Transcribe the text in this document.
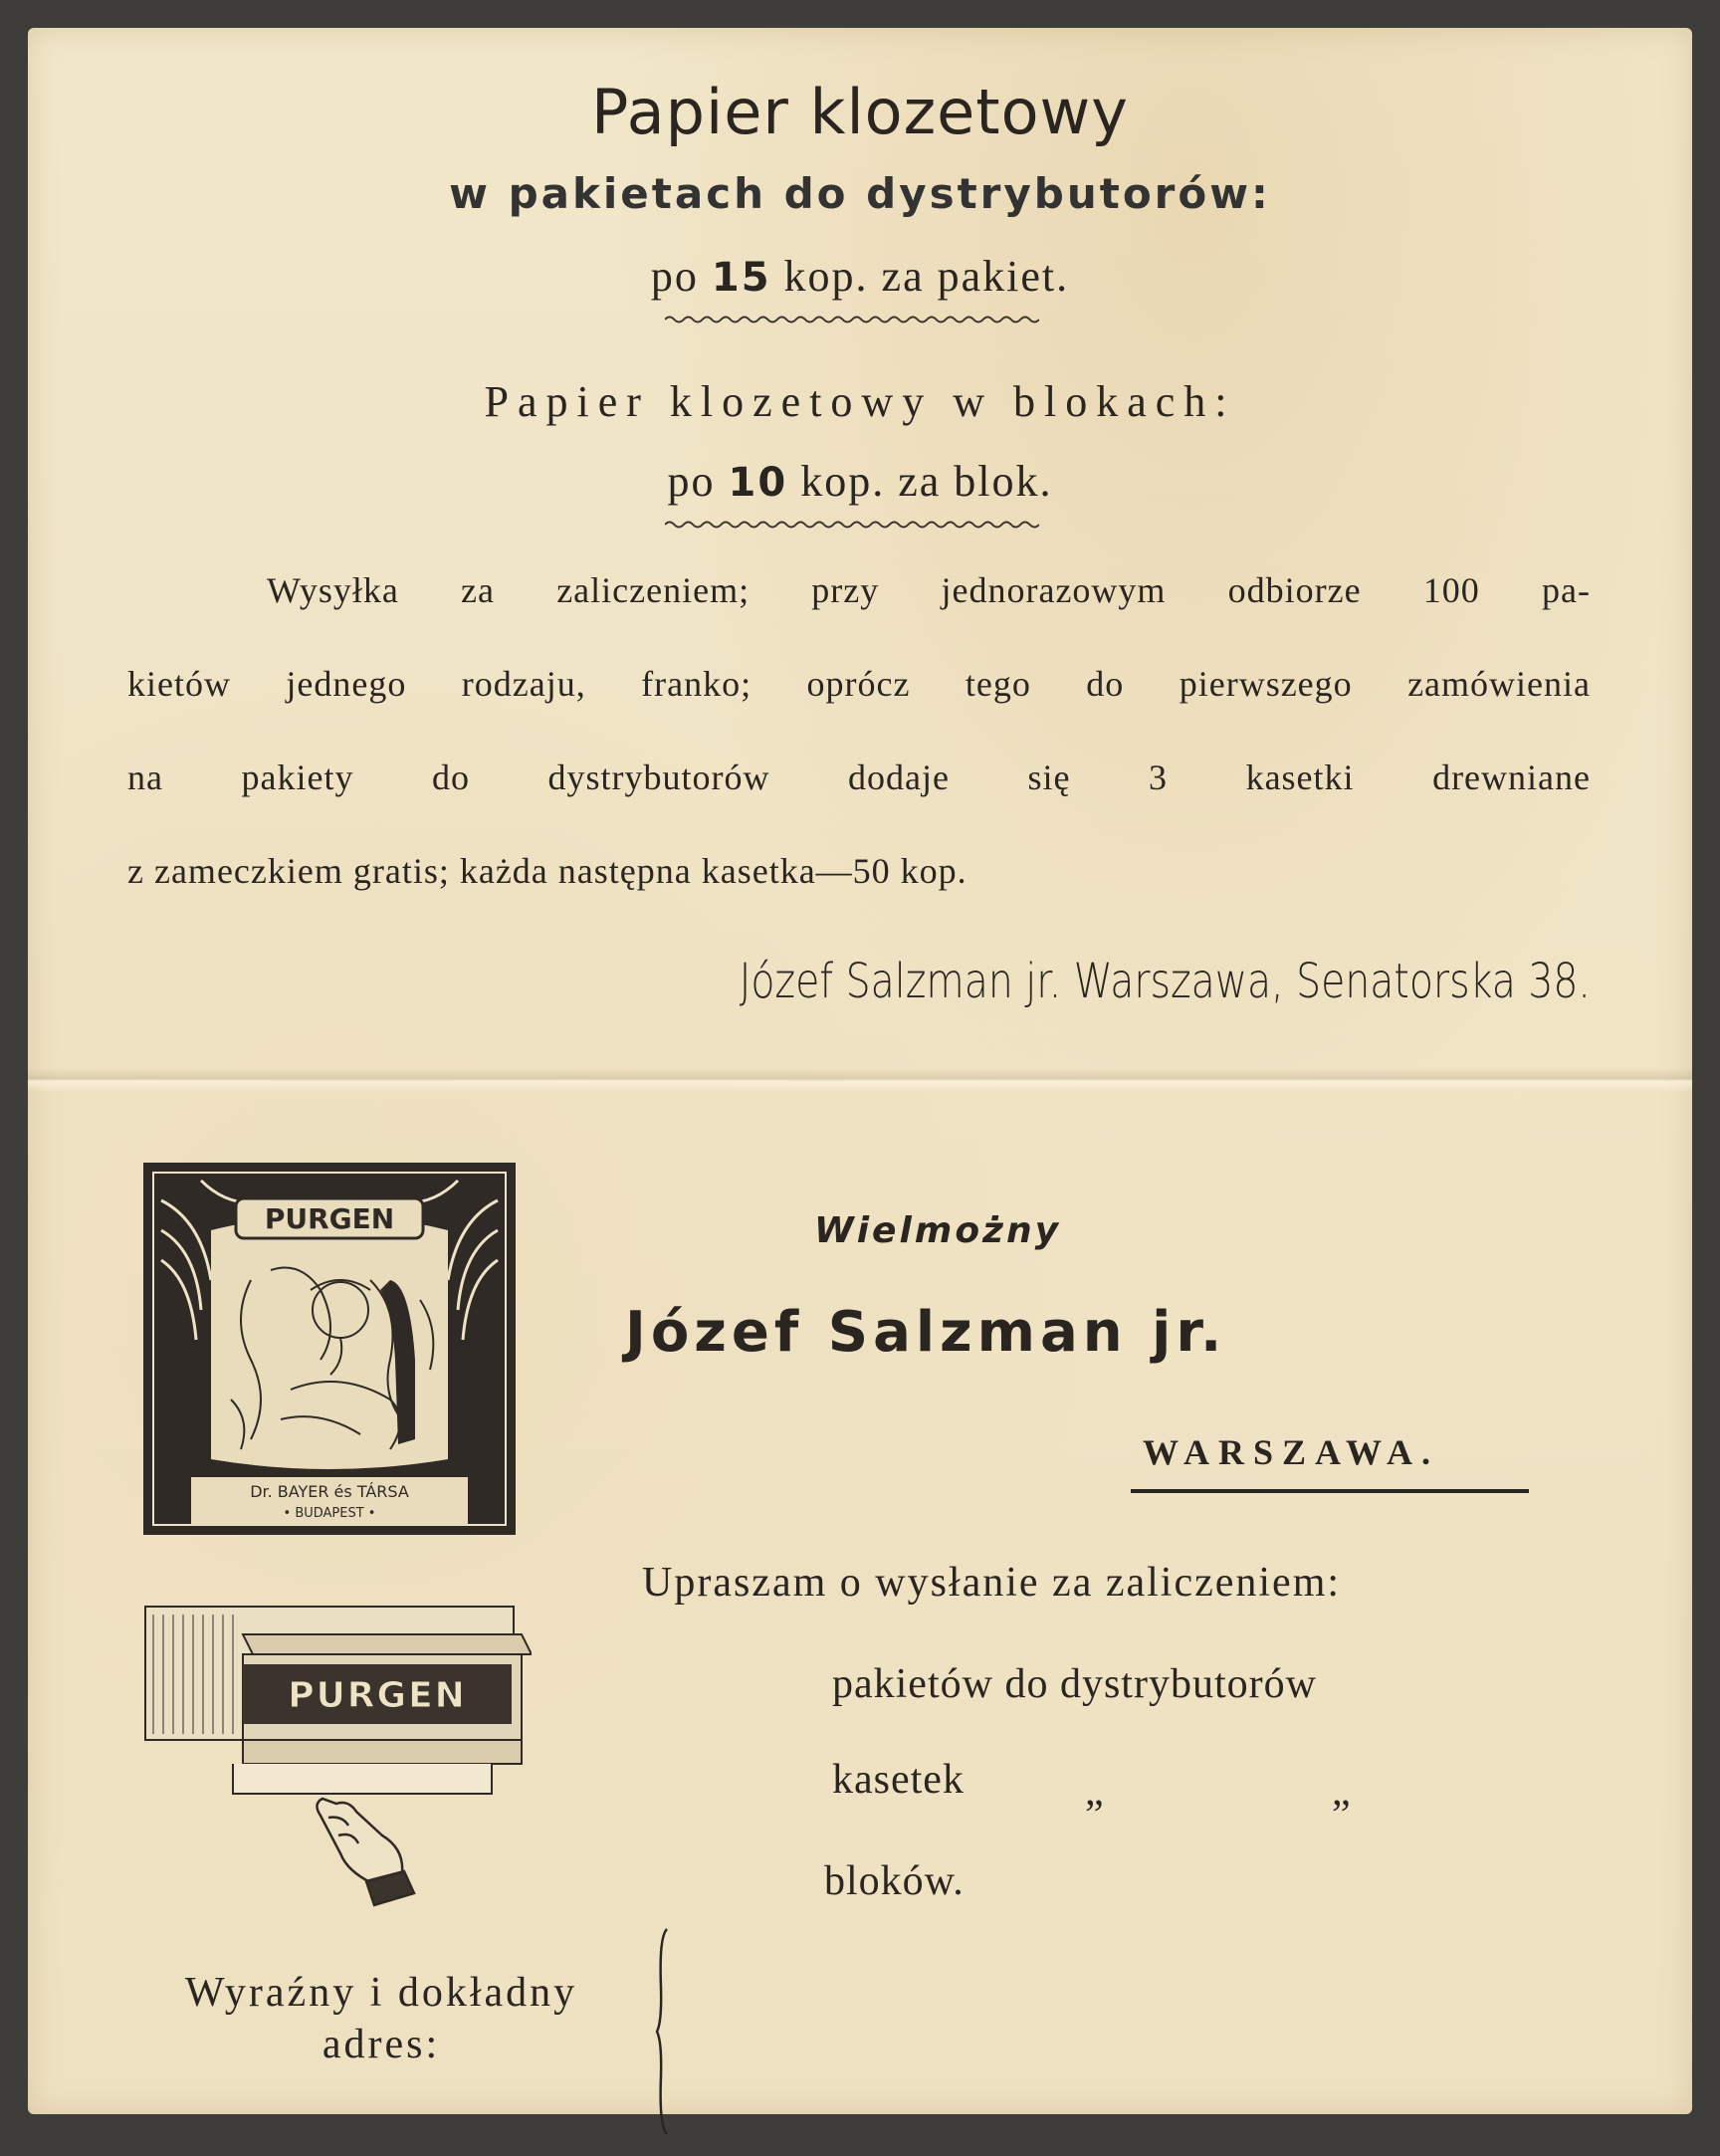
Papier klozetowy
w pakietach do dystrybutorów:
po 15 kop. za pakiet.
Papier klozetowy w blokach:
po 10 kop. za blok.
Wysyłka za zaliczeniem; przy jednorazowym odbiorze 100 pa-
kietów jednego rodzaju, franko; oprócz tego do pierwszego zamówienia
na pakiety do dystrybutorów dodaje się 3 kasetki drewniane
z zameczkiem gratis; każda następna kasetka—50 kop.
Józef Salzman jr. Warszawa, Senatorska 38.
PURGEN
Dr. BAYER és TÁRSA
• BUDAPEST •
PURGEN
Wielmożny
Józef Salzman jr.
WARSZAWA.
Upraszam o wysłanie za zaliczeniem:
pakietów do dystrybutorów
kasetek	„	„
bloków.
Wyraźny i dokładny
adres:
